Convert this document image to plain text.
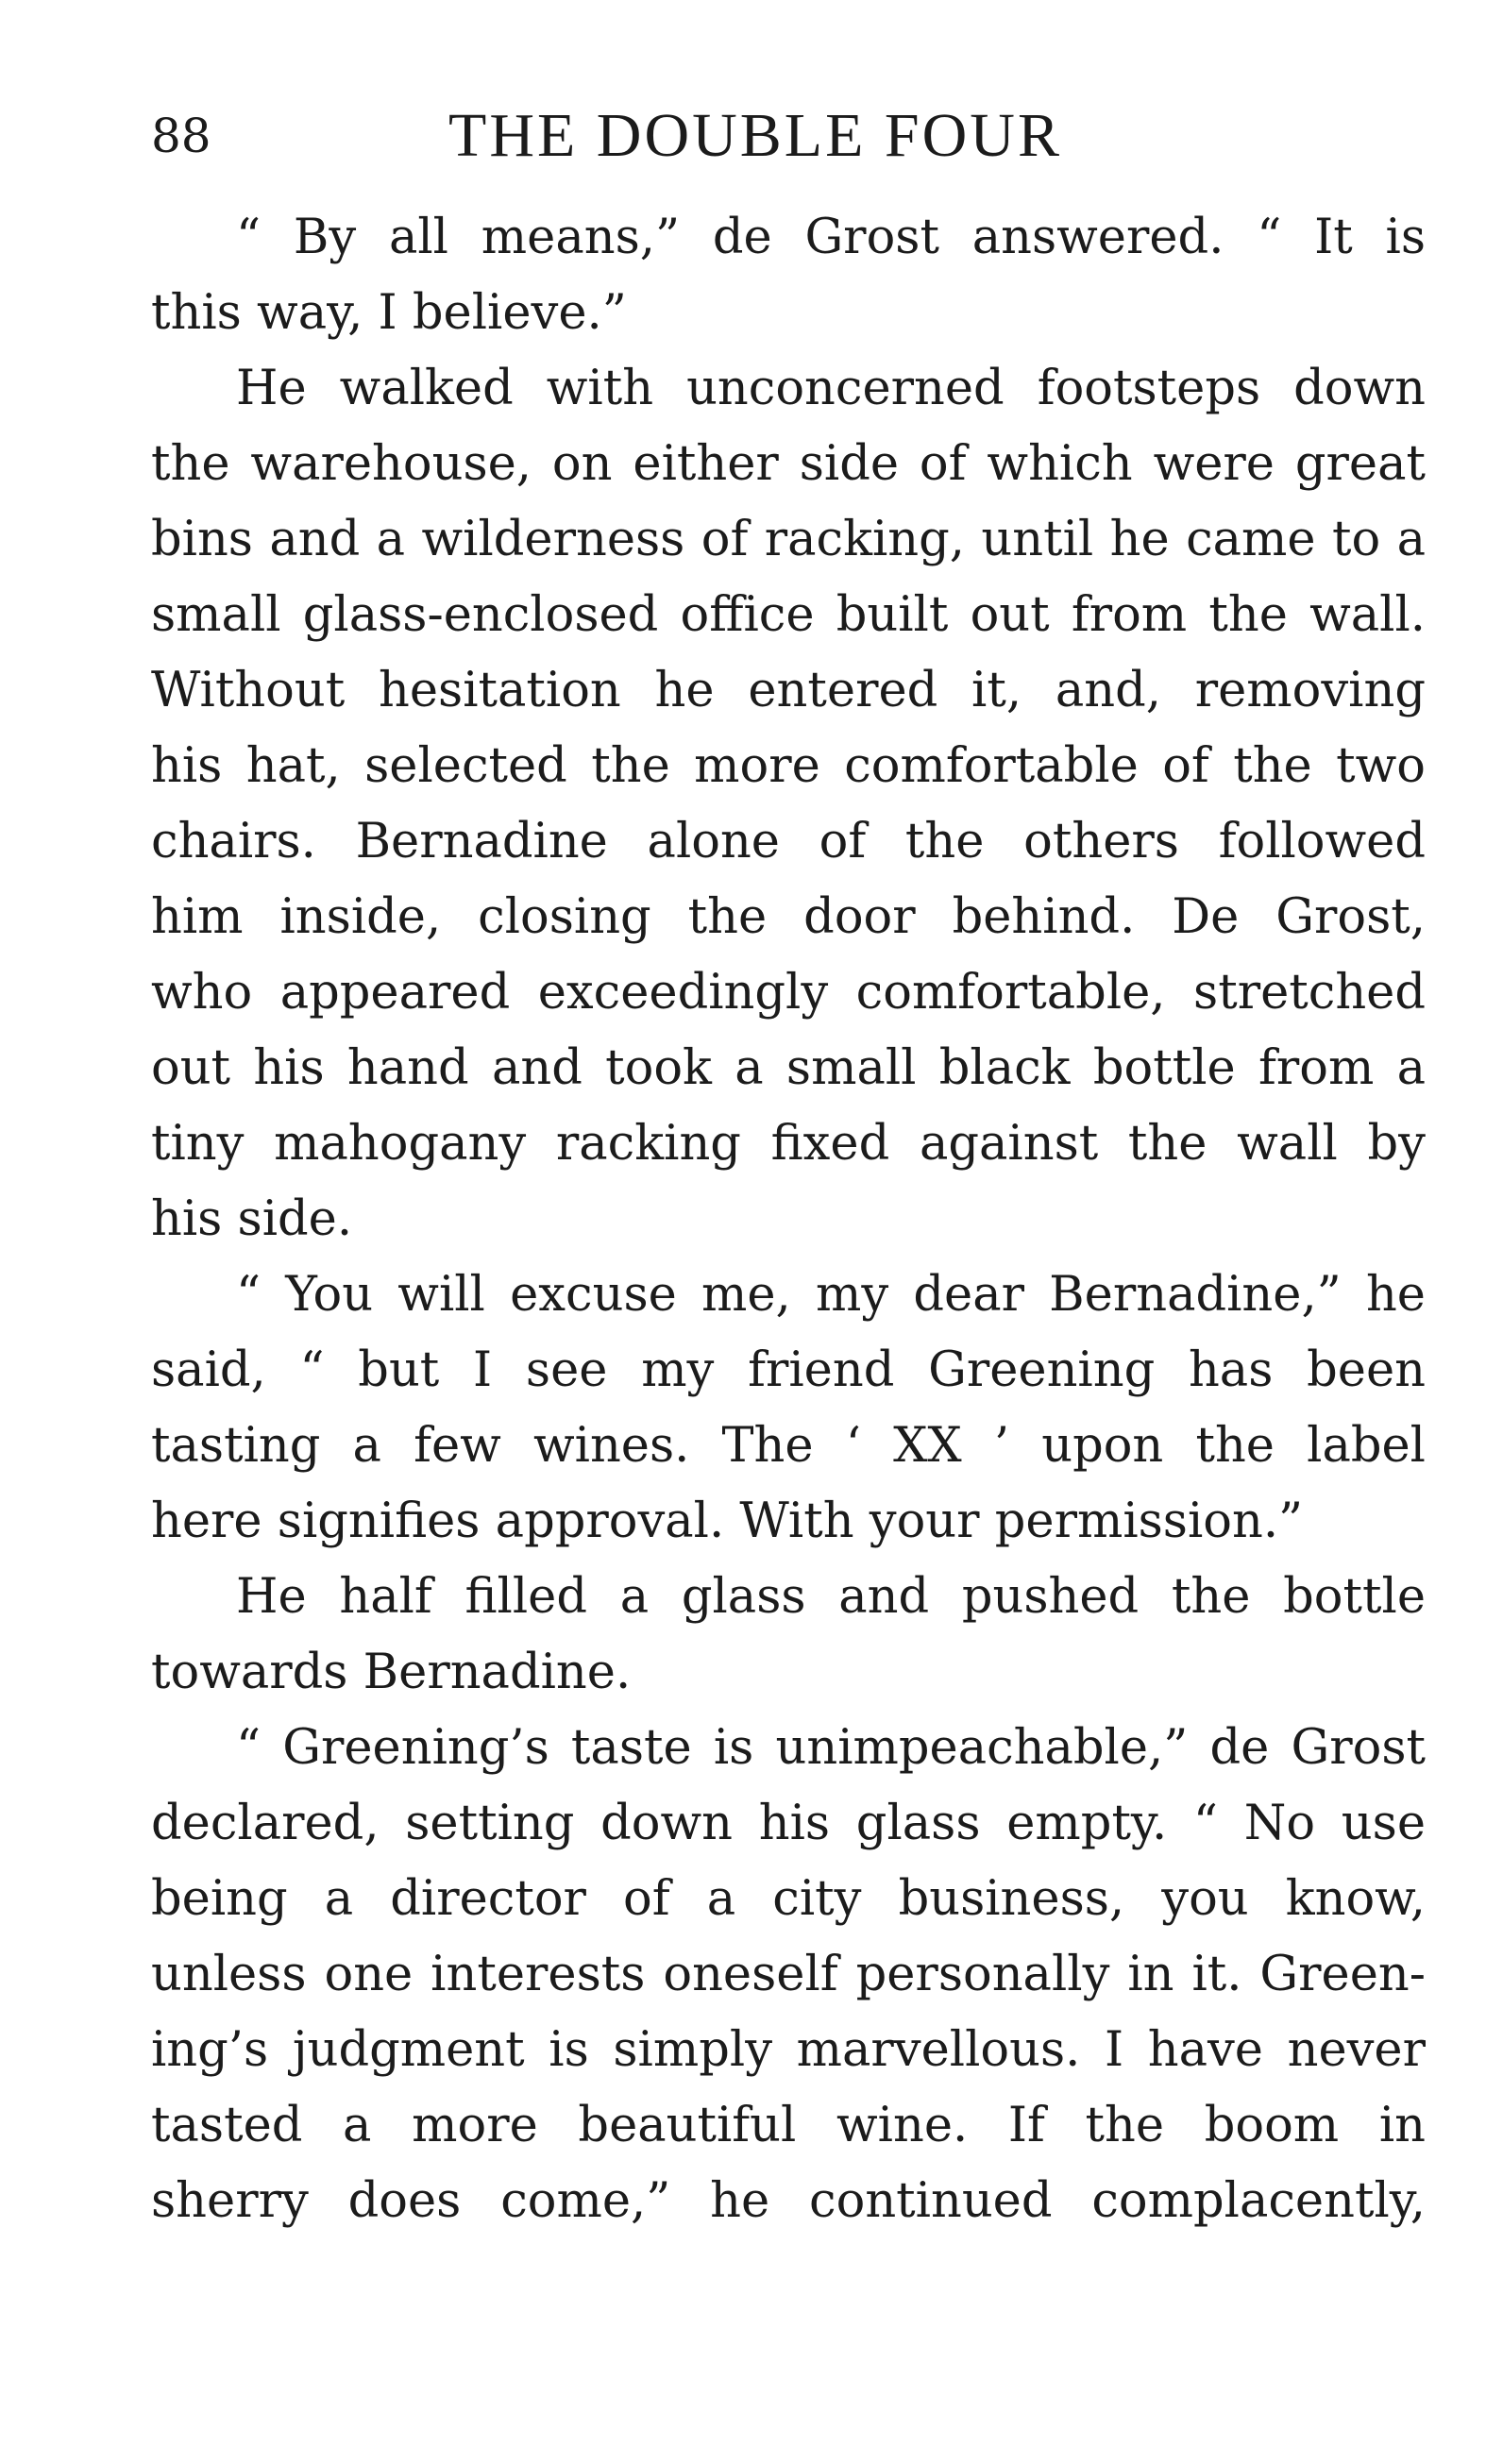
88	THE DOUBLE FOUR
“ By all means,” de Grost answered. “ It is
this way, I believe.”
He walked with unconcerned footsteps down
the warehouse, on either side of which were great
bins and a wilderness of racking, until he came to a
small glass-enclosed office built out from the wall.
Without hesitation he entered it, and, removing
his hat, selected the more comfortable of the two
chairs. Bernadine alone of the others followed
him inside, closing the door behind. De Grost,
who appeared exceedingly comfortable, stretched
out his hand and took a small black bottle from a
tiny mahogany racking fixed against the wall by
his side.
“ You will excuse me, my dear Bernadine,” he
said, “ but I see my friend Greening has been
tasting a few wines. The ‘ XX ’ upon the label
here signifies approval. With your permission.”
He half filled a glass and pushed the bottle
towards Bernadine.
“ Greening’s taste is unimpeachable,” de Grost
declared, setting down his glass empty. “ No use
being a director of a city business, you know,
unless one interests oneself personally in it. Green-
ing’s judgment is simply marvellous. I have never
tasted a more beautiful wine. If the boom in
sherry does come,” he continued complacently,
